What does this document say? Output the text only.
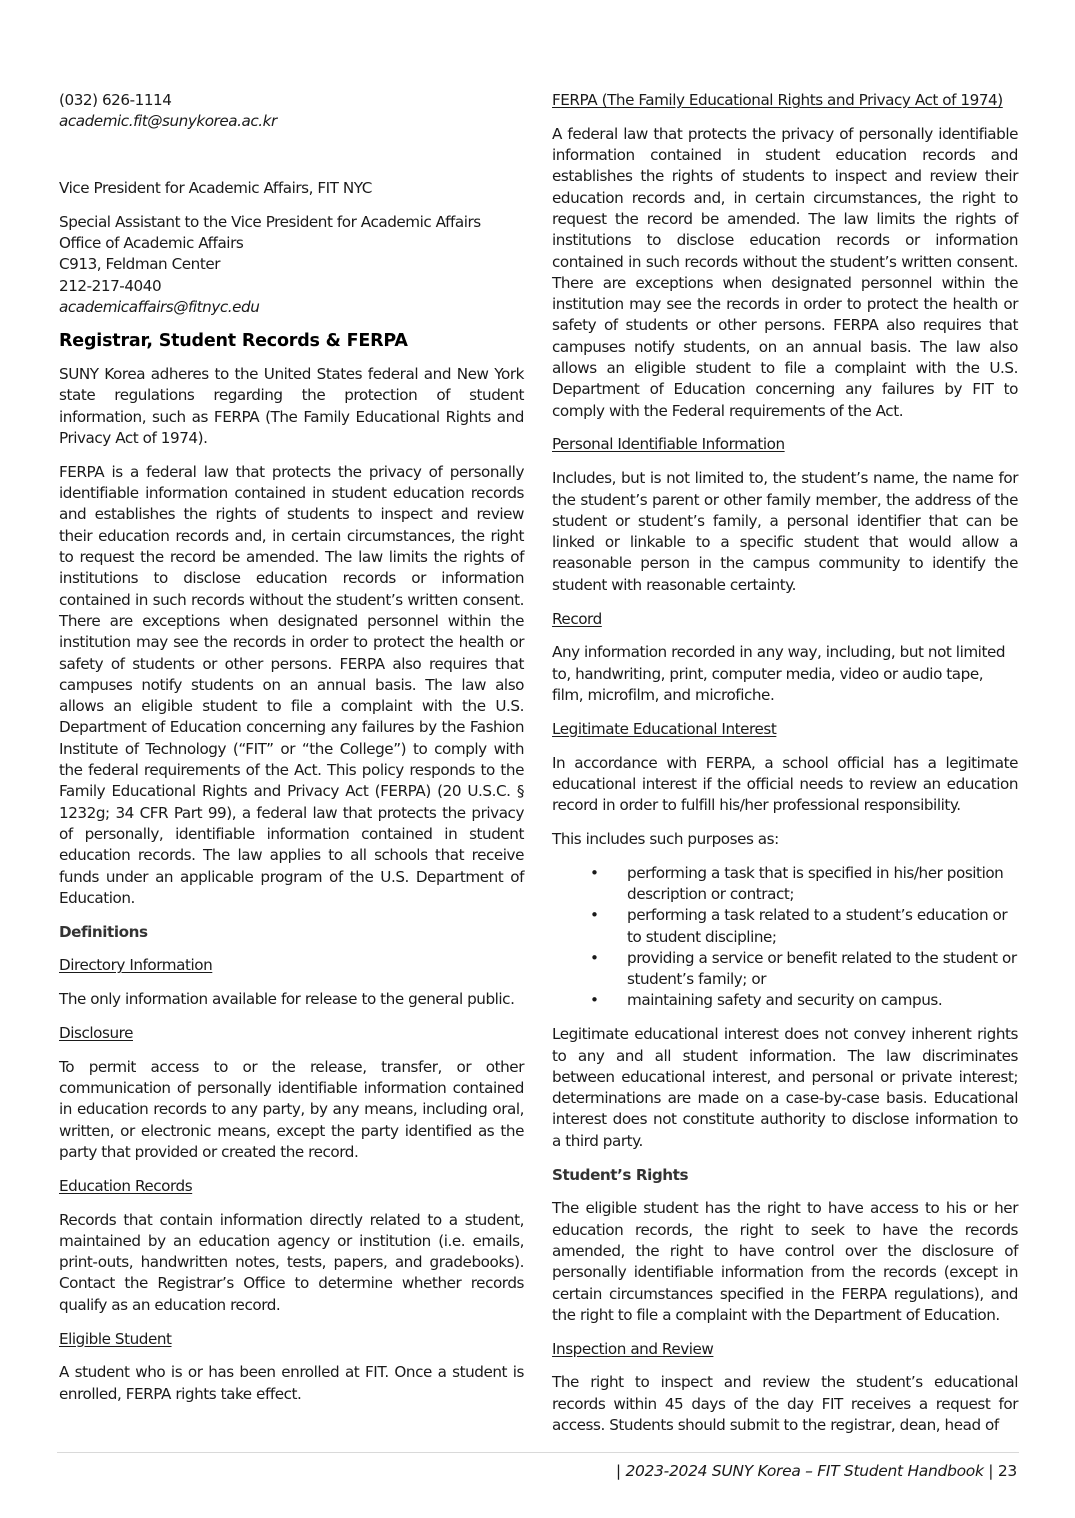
(032) 626-1114
academic.fit@sunykorea.ac.kr

Vice President for Academic Affairs, FIT NYC

Special Assistant to the Vice President for Academic Affairs
Office of Academic Affairs
C913, Feldman Center
212-217-4040
academicaffairs@fitnyc.edu

Registrar, Student Records & FERPA

SUNY Korea adheres to the United States federal and New York state regulations regarding the protection of student information, such as FERPA (The Family Educational Rights and Privacy Act of 1974).

FERPA is a federal law that protects the privacy of personally identifiable information contained in student education records and establishes the rights of students to inspect and review their education records and, in certain circumstances, the right to request the record be amended. The law limits the rights of institutions to disclose education records or information contained in such records without the student’s written consent. There are exceptions when designated personnel within the institution may see the records in order to protect the health or safety of students or other persons. FERPA also requires that campuses notify students on an annual basis. The law also allows an eligible student to file a complaint with the U.S. Department of Education concerning any failures by the Fashion Institute of Technology (“FIT” or “the College”) to comply with the federal requirements of the Act. This policy responds to the Family Educational Rights and Privacy Act (FERPA) (20 U.S.C. § 1232g; 34 CFR Part 99), a federal law that protects the privacy of personally, identifiable information contained in student education records. The law applies to all schools that receive funds under an applicable program of the U.S. Department of Education.

Definitions

Directory Information

The only information available for release to the general public.

Disclosure

To permit access to or the release, transfer, or other communication of personally identifiable information contained in education records to any party, by any means, including oral, written, or electronic means, except the party identified as the party that provided or created the record.

Education Records

Records that contain information directly related to a student, maintained by an education agency or institution (i.e. emails, print-outs, handwritten notes, tests, papers, and gradebooks). Contact the Registrar’s Office to determine whether records qualify as an education record.

Eligible Student

A student who is or has been enrolled at FIT. Once a student is enrolled, FERPA rights take effect.

FERPA (The Family Educational Rights and Privacy Act of 1974)

A federal law that protects the privacy of personally identifiable information contained in student education records and establishes the rights of students to inspect and review their education records and, in certain circumstances, the right to request the record be amended. The law limits the rights of institutions to disclose education records or information contained in such records without the student’s written consent. There are exceptions when designated personnel within the institution may see the records in order to protect the health or safety of students or other persons. FERPA also requires that campuses notify students, on an annual basis. The law also allows an eligible student to file a complaint with the U.S. Department of Education concerning any failures by FIT to comply with the Federal requirements of the Act.

Personal Identifiable Information

Includes, but is not limited to, the student’s name, the name for the student’s parent or other family member, the address of the student or student’s family, a personal identifier that can be linked or linkable to a specific student that would allow a reasonable person in the campus community to identify the student with reasonable certainty.

Record

Any information recorded in any way, including, but not limited to, handwriting, print, computer media, video or audio tape, film, microfilm, and microfiche.

Legitimate Educational Interest

In accordance with FERPA, a school official has a legitimate educational interest if the official needs to review an education record in order to fulfill his/her professional responsibility.

This includes such purposes as:

• performing a task that is specified in his/her position description or contract;
• performing a task related to a student’s education or to student discipline;
• providing a service or benefit related to the student or student’s family; or
• maintaining safety and security on campus.

Legitimate educational interest does not convey inherent rights to any and all student information. The law discriminates between educational interest, and personal or private interest; determinations are made on a case-by-case basis. Educational interest does not constitute authority to disclose information to a third party.

Student’s Rights

The eligible student has the right to have access to his or her education records, the right to seek to have the records amended, the right to have control over the disclosure of personally identifiable information from the records (except in certain circumstances specified in the FERPA regulations), and the right to file a complaint with the Department of Education.

Inspection and Review

The right to inspect and review the student’s educational records within 45 days of the day FIT receives a request for access. Students should submit to the registrar, dean, head of

| 2023-2024 SUNY Korea – FIT Student Handbook | 23
